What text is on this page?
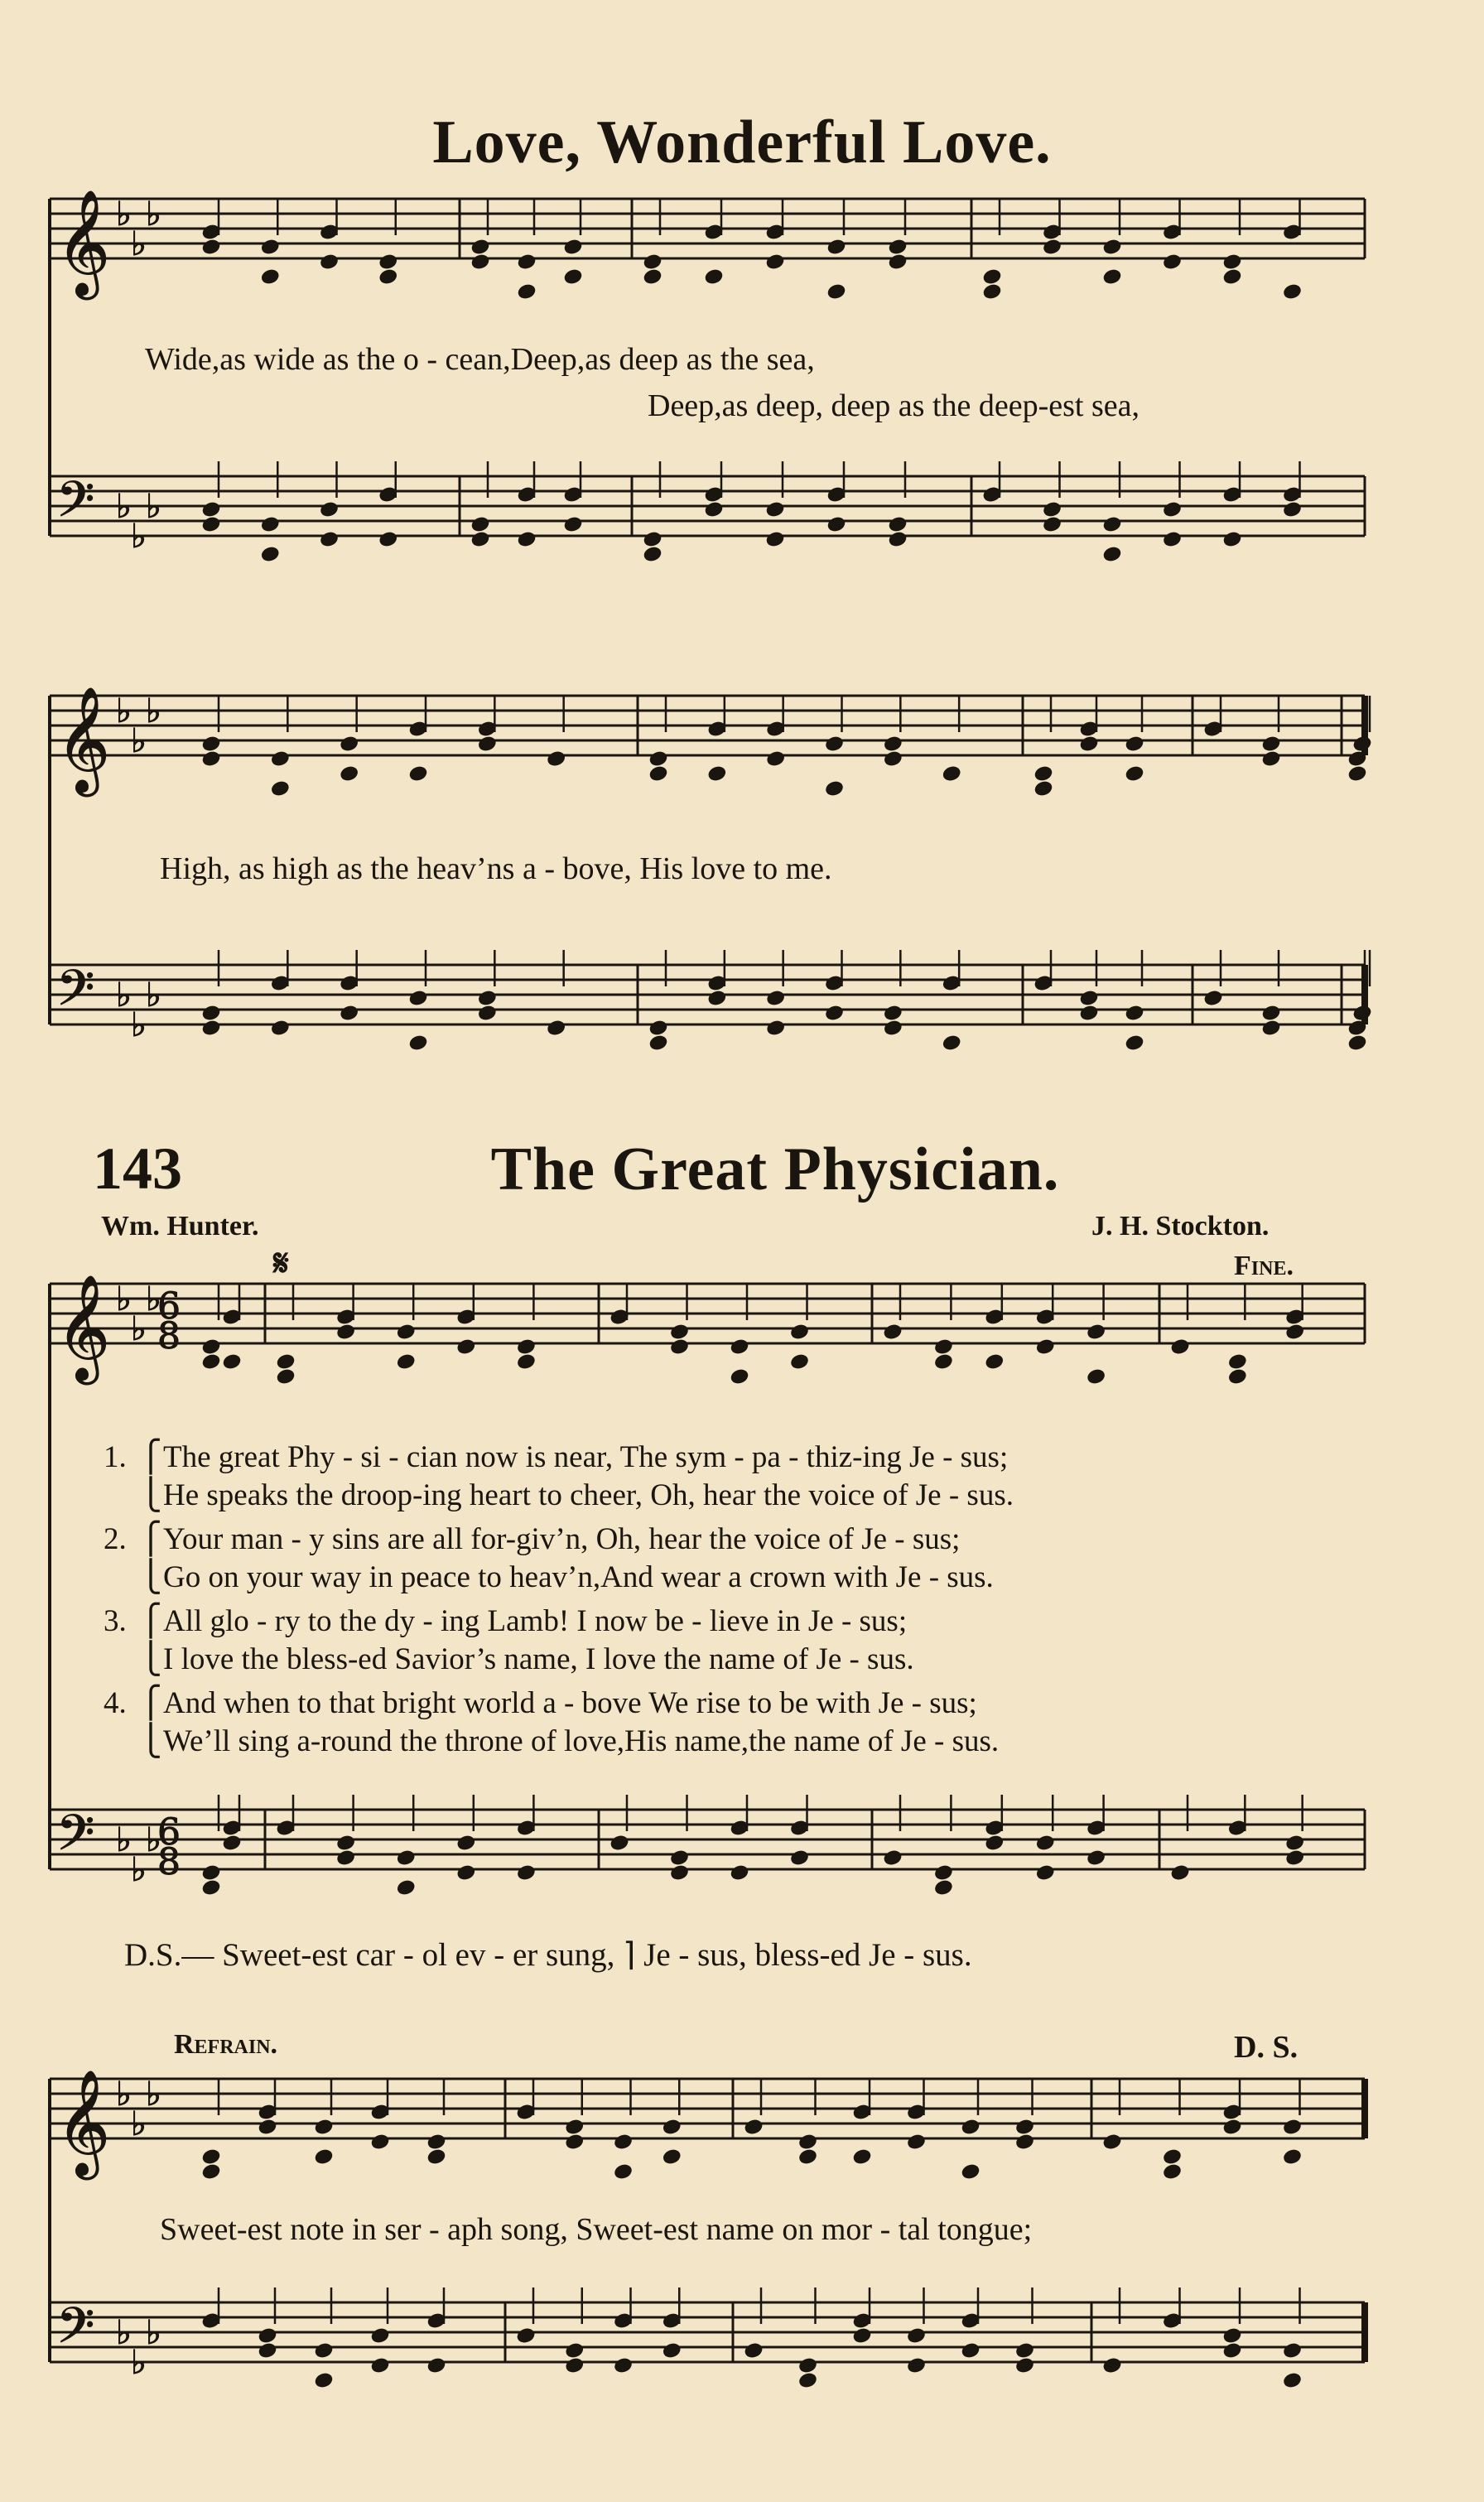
Love, Wonderful Love.
𝄞
𝄢
♭
♭
♭
♭
♭
♭
𝄞
𝄢
♭
♭
♭
♭
♭
♭
𝄞
𝄢
♭
♭
♭
♭
♭
♭
𝄞
𝄢
♭
♭
♭
♭
♭
♭
6
8
6
8
Wide,as wide as the o - cean,Deep,as deep as the sea,
Deep,as deep, deep as the deep-est sea,
High, as high as the heav’ns a - bove, His love to me.
143	The Great Physician.
Wm. Hunter.	J. H. Stockton.
Fine.
𝄋
1. ⎧The great Phy - si - cian now is near, The sym - pa - thiz-ing Je - sus;
⎩He speaks the droop-ing heart to cheer, Oh, hear the voice of Je - sus.
2. ⎧Your man - y sins are all for-giv’n, Oh, hear the voice of Je - sus;
⎩Go on your way in peace to heav’n,And wear a crown with Je - sus.
3. ⎧All glo - ry to the dy - ing Lamb! I now be - lieve in Je - sus;
⎩I love the bless-ed Savior’s name, I love the name of Je - sus.
4. ⎧And when to that bright world a - bove We rise to be with Je - sus;
⎩We’ll sing a-round the throne of love,His name,the name of Je - sus.
D.S.— Sweet-est car - ol ev - er sung, ⌉ Je - sus, bless-ed Je - sus.
Refrain.	D. S.
Sweet-est note in ser - aph song, Sweet-est name on mor - tal tongue;
